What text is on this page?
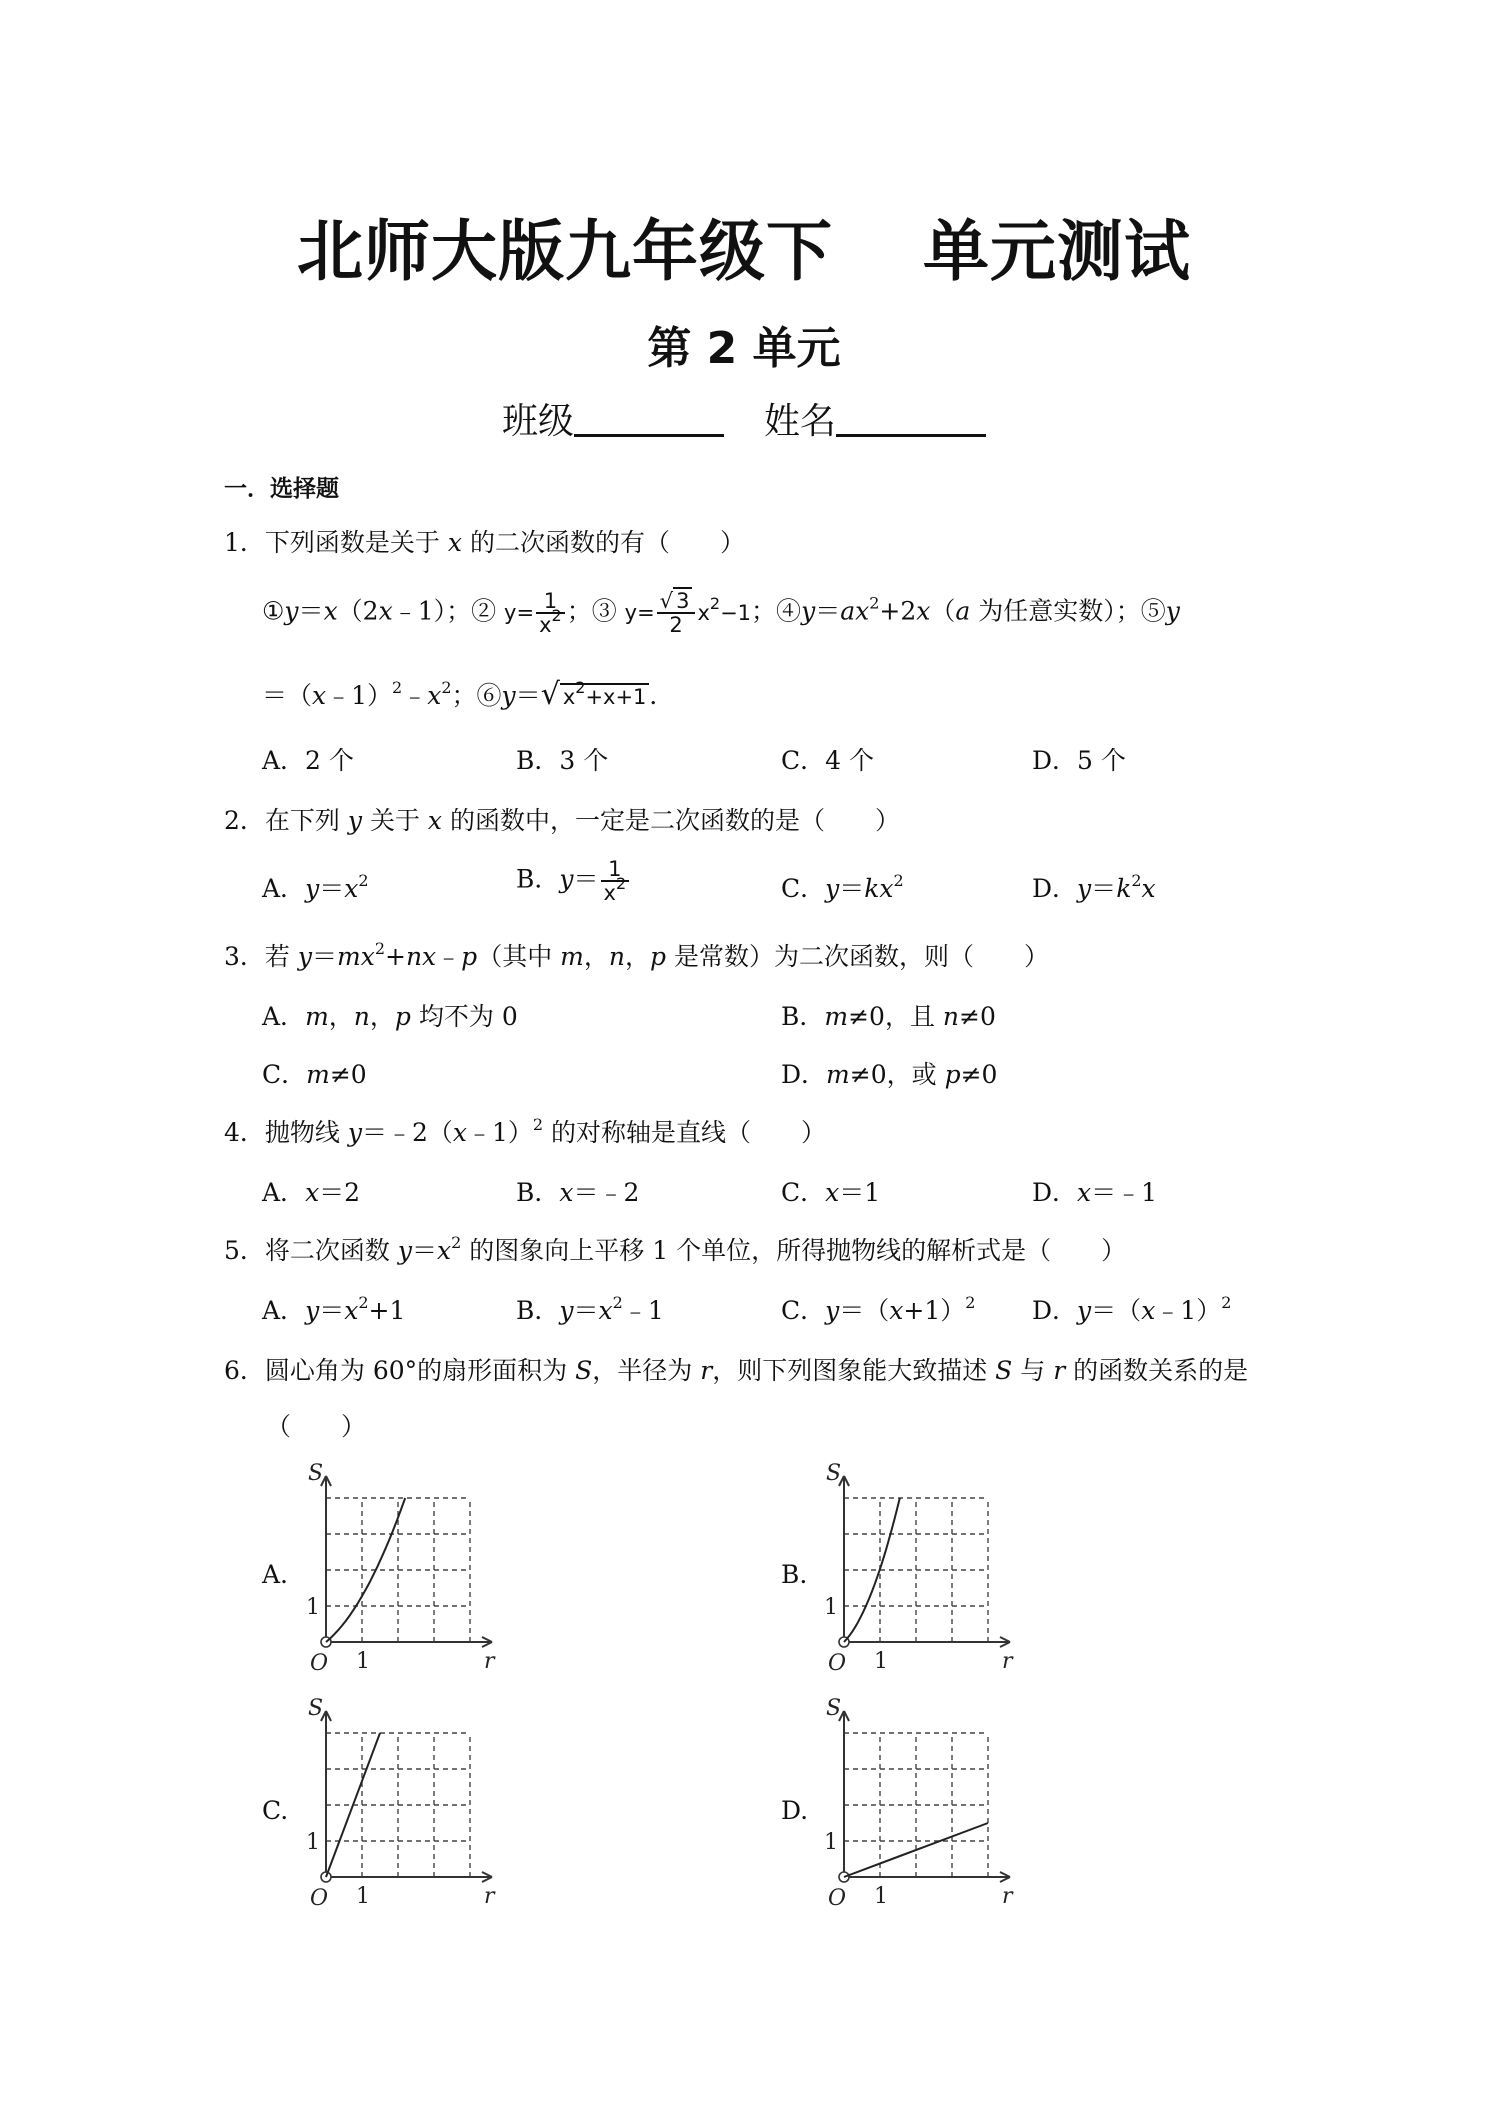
北师大版九年级下 单元测试
第 2 单元
班级	姓名
一．选择题
1．下列函数是关于 x 的二次函数的有（　　）
①y＝x（2x﹣1）；② $y= \frac{1}{x^2}$ ；③ $y= \frac{√ 3}{2} x^2-1$；$④y=ax^2+2x(a$ 为任意实数）；⑤y
$=(x﹣1)^2﹣x^2$；⑥y＝√ $x^2+x+1$ ．
A．2 个	B．3 个	C．4 个	D．5 个
2．在下列 y 关于 x 的函数中，一定是二次函数的是（　　）
A．$y=x^2$	B．$y= \frac{1}{x^2}$	C．$y=kx^2$	D．$y=k^2x$
3．若 $y=mx^2+nx﹣p$（其中 m，n，p 是常数）为二次函数，则（　　）
A．m，n，p 均不为 0	B．m≠0，且 n≠0
C．m≠0	D．m≠0，或 p≠0
4．抛物线 y＝﹣2（x﹣1）$^2$ 的对称轴是直线（　　）
A．x＝2	B．x＝﹣2	C．x＝1	D．x＝﹣1
5．将二次函数 $y=x^2$ 的图象向上平移 1 个单位，所得抛物线的解析式是（　　）
A．$y=x^2+1$	B．$y=x^2﹣1$	C．$y=(x+1)^2$ D．y＝（x﹣1）$^2$
6．圆心角为 60°的扇形面积为 S，半径为 r，则下列图象能大致描述 S 与 r 的函数关系的是
（　　）
A.	B.
C.	D.
S
r
O 1
1
S
r
O 1
1
S
r
O 1
1
S
r
O 1
1
